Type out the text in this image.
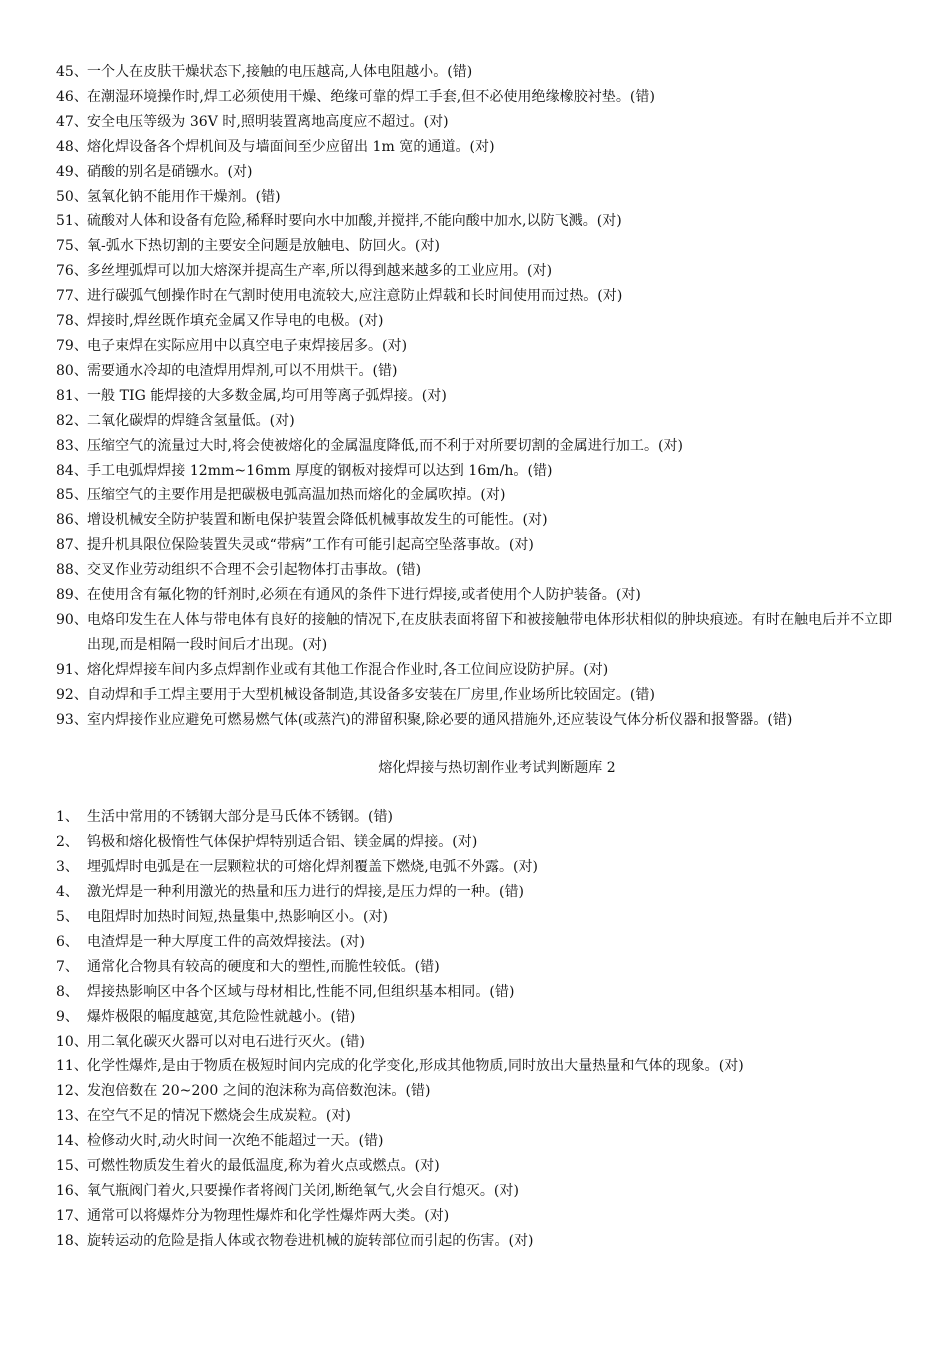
45、 一个人在皮肤干燥状态下,接触的电压越高,人体电阻越小。(错)
46、 在潮湿环境操作时,焊工必须使用干燥、绝缘可靠的焊工手套,但不必使用绝缘橡胶衬垫。(错)
47、 安全电压等级为 36V 时,照明装置离地高度应不超过。(对)
48、 熔化焊设备各个焊机间及与墙面间至少应留出 1m 宽的通道。(对)
49、 硝酸的别名是硝镪水。(对)
50、 氢氧化钠不能用作干燥剂。(错)
51、 硫酸对人体和设备有危险,稀释时要向水中加酸,并搅拌,不能向酸中加水,以防飞溅。(对)
75、 氧-弧水下热切割的主要安全问题是放触电、防回火。(对)
76、 多丝埋弧焊可以加大熔深并提高生产率,所以得到越来越多的工业应用。(对)
77、 进行碳弧气刨操作时在气割时使用电流较大,应注意防止焊载和长时间使用而过热。(对)
78、 焊接时,焊丝既作填充金属又作导电的电极。(对)
79、 电子束焊在实际应用中以真空电子束焊接居多。(对)
80、 需要通水冷却的电渣焊用焊剂,可以不用烘干。(错)
81、 一般 TIG 能焊接的大多数金属,均可用等离子弧焊接。(对)
82、 二氧化碳焊的焊缝含氢量低。(对)
83、 压缩空气的流量过大时,将会使被熔化的金属温度降低,而不利于对所要切割的金属进行加工。(对)
84、 手工电弧焊焊接 12mm~16mm 厚度的钢板对接焊可以达到 16m/h。(错)
85、 压缩空气的主要作用是把碳极电弧高温加热而熔化的金属吹掉。(对)
86、 增设机械安全防护装置和断电保护装置会降低机械事故发生的可能性。(对)
87、 提升机具限位保险装置失灵或“带病”工作有可能引起高空坠落事故。(对)
88、 交叉作业劳动组织不合理不会引起物体打击事故。(错)
89、 在使用含有氟化物的钎剂时,必须在有通风的条件下进行焊接,或者使用个人防护装备。(对)
90、 电烙印发生在人体与带电体有良好的接触的情况下,在皮肤表面将留下和被接触带电体形状相似的肿块痕迹。有时在触电后并不立即出现,而是相隔一段时间后才出现。(对)
91、 熔化焊焊接车间内多点焊割作业或有其他工作混合作业时,各工位间应设防护屏。(对)
92、 自动焊和手工焊主要用于大型机械设备制造,其设备多安装在厂房里,作业场所比较固定。(错)
93、 室内焊接作业应避免可燃易燃气体(或蒸汽)的滞留积聚,除必要的通风措施外,还应装设气体分析仪器和报警器。(错)
熔化焊接与热切割作业考试判断题库 2
1、 生活中常用的不锈钢大部分是马氏体不锈钢。(错)
2、 钨极和熔化极惰性气体保护焊特别适合铝、镁金属的焊接。(对)
3、 埋弧焊时电弧是在一层颗粒状的可熔化焊剂覆盖下燃烧,电弧不外露。(对)
4、 激光焊是一种利用激光的热量和压力进行的焊接,是压力焊的一种。(错)
5、 电阻焊时加热时间短,热量集中,热影响区小。(对)
6、 电渣焊是一种大厚度工件的高效焊接法。(对)
7、 通常化合物具有较高的硬度和大的塑性,而脆性较低。(错)
8、 焊接热影响区中各个区域与母材相比,性能不同,但组织基本相同。(错)
9、 爆炸极限的幅度越宽,其危险性就越小。(错)
10、 用二氧化碳灭火器可以对电石进行灭火。(错)
11、 化学性爆炸,是由于物质在极短时间内完成的化学变化,形成其他物质,同时放出大量热量和气体的现象。(对)
12、 发泡倍数在 20~200 之间的泡沫称为高倍数泡沫。(错)
13、 在空气不足的情况下燃烧会生成炭粒。(对)
14、 检修动火时,动火时间一次绝不能超过一天。(错)
15、 可燃性物质发生着火的最低温度,称为着火点或燃点。(对)
16、 氧气瓶阀门着火,只要操作者将阀门关闭,断绝氧气,火会自行熄灭。(对)
17、 通常可以将爆炸分为物理性爆炸和化学性爆炸两大类。(对)
18、 旋转运动的危险是指人体或衣物卷进机械的旋转部位而引起的伤害。(对)
